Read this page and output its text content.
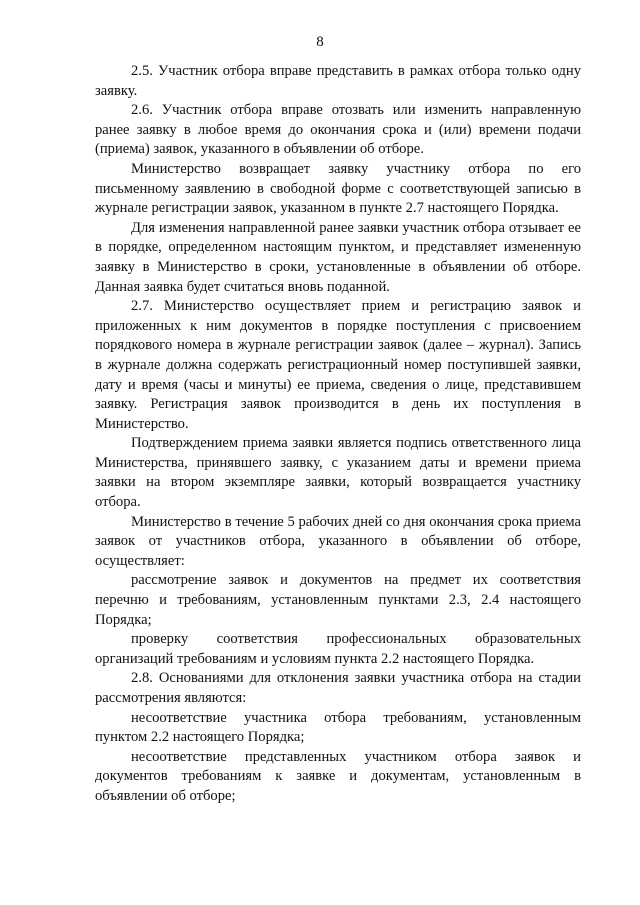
8

2.5. Участник отбора вправе представить в рамках отбора только одну заявку.

2.6. Участник отбора вправе отозвать или изменить направленную ранее заявку в любое время до окончания срока и (или) времени подачи (приема) заявок, указанного в объявлении об отборе.

Министерство возвращает заявку участнику отбора по его письменному заявлению в свободной форме с соответствующей записью в журнале регистрации заявок, указанном в пункте 2.7 настоящего Порядка.

Для изменения направленной ранее заявки участник отбора отзывает ее в порядке, определенном настоящим пунктом, и представляет измененную заявку в Министерство в сроки, установленные в объявлении об отборе. Данная заявка будет считаться вновь поданной.

2.7. Министерство осуществляет прием и регистрацию заявок и приложенных к ним документов в порядке поступления с присвоением порядкового номера в журнале регистрации заявок (далее – журнал). Запись в журнале должна содержать регистрационный номер поступившей заявки, дату и время (часы и минуты) ее приема, сведения о лице, представившем заявку. Регистрация заявок производится в день их поступления в Министерство.

Подтверждением приема заявки является подпись ответственного лица Министерства, принявшего заявку, с указанием даты и времени приема заявки на втором экземпляре заявки, который возвращается участнику отбора.

Министерство в течение 5 рабочих дней со дня окончания срока приема заявок от участников отбора, указанного в объявлении об отборе, осуществляет:

рассмотрение заявок и документов на предмет их соответствия перечню и требованиям, установленным пунктами 2.3, 2.4 настоящего Порядка;

проверку соответствия профессиональных образовательных организаций требованиям и условиям пункта 2.2 настоящего Порядка.

2.8. Основаниями для отклонения заявки участника отбора на стадии рассмотрения являются:

несоответствие участника отбора требованиям, установленным пунктом 2.2 настоящего Порядка;

несоответствие представленных участником отбора заявок и документов требованиям к заявке и документам, установленным в объявлении об отборе;
